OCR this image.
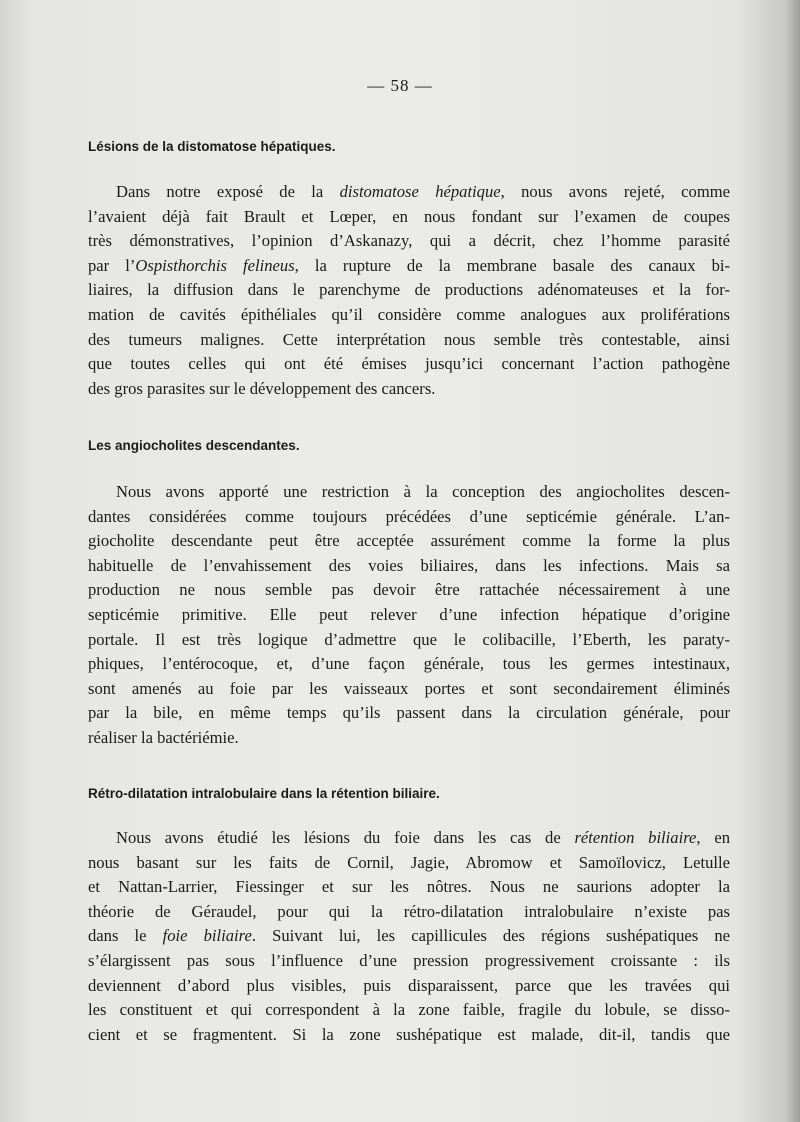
— 58 —
Lésions de la distomatose hépatiques.
Dans notre exposé de la distomatose hépatique, nous avons rejeté, comme
l’avaient déjà fait Brault et Lœper, en nous fondant sur l’examen de coupes
très démonstratives, l’opinion d’Askanazy, qui a décrit, chez l’homme parasité
par l’Ospisthorchis felineus, la rupture de la membrane basale des canaux bi-
liaires, la diffusion dans le parenchyme de productions adénomateuses et la for-
mation de cavités épithéliales qu’il considère comme analogues aux proliférations
des tumeurs malignes. Cette interprétation nous semble très contestable, ainsi
que toutes celles qui ont été émises jusqu’ici concernant l’action pathogène
des gros parasites sur le développement des cancers.
Les angiocholites descendantes.
Nous avons apporté une restriction à la conception des angiocholites descen-
dantes considérées comme toujours précédées d’une septicémie générale. L’an-
giocholite descendante peut être acceptée assurément comme la forme la plus
habituelle de l’envahissement des voies biliaires, dans les infections. Mais sa
production ne nous semble pas devoir être rattachée nécessairement à une
septicémie primitive. Elle peut relever d’une infection hépatique d’origine
portale. Il est très logique d’admettre que le colibacille, l’Eberth, les paraty-
phiques, l’entérocoque, et, d’une façon générale, tous les germes intestinaux,
sont amenés au foie par les vaisseaux portes et sont secondairement éliminés
par la bile, en même temps qu’ils passent dans la circulation générale, pour
réaliser la bactériémie.
Rétro-dilatation intralobulaire dans la rétention biliaire.
Nous avons étudié les lésions du foie dans les cas de rétention biliaire, en
nous basant sur les faits de Cornil, Jagie, Abromow et Samoïlovicz, Letulle
et Nattan-Larrier, Fiessinger et sur les nôtres. Nous ne saurions adopter la
théorie de Géraudel, pour qui la rétro-dilatation intralobulaire n’existe pas
dans le foie biliaire. Suivant lui, les capillicules des régions sushépatiques ne
s’élargissent pas sous l’influence d’une pression progressivement croissante : ils
deviennent d’abord plus visibles, puis disparaissent, parce que les travées qui
les constituent et qui correspondent à la zone faible, fragile du lobule, se disso-
cient et se fragmentent. Si la zone sushépatique est malade, dit-il, tandis que
